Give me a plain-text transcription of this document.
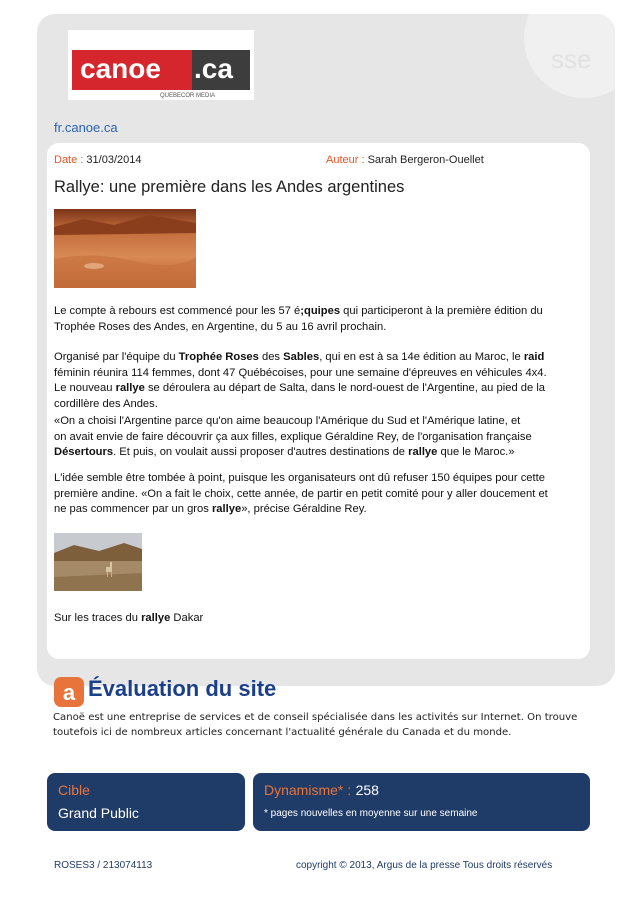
sse
canoe .ca
QUEBECOR MEDIA
fr.canoe.ca
Date : 31/03/2014	Auteur : Sarah Bergeron-Ouellet
Rallye: une première dans les Andes argentines

Le compte à rebours est commencé pour les 57 é;quipes qui participeront à la première édition du
Trophée Roses des Andes, en Argentine, du 5 au 16 avril prochain.

Organisé par l'équipe du Trophée Roses des Sables, qui en est à sa 14e édition au Maroc, le raid
féminin réunira 114 femmes, dont 47 Québécoises, pour une semaine d'épreuves en véhicules 4x4.
Le nouveau rallye se déroulera au départ de Salta, dans le nord-ouest de l'Argentine, au pied de la
cordillère des Andes.

«On a choisi l'Argentine parce qu'on aime beaucoup l'Amérique du Sud et l'Amérique latine, et
on avait envie de faire découvrir ça aux filles, explique Géraldine Rey, de l'organisation française
Désertours. Et puis, on voulait aussi proposer d'autres destinations de rallye que le Maroc.»

L'idée semble être tombée à point, puisque les organisateurs ont dû refuser 150 équipes pour cette
première andine. «On a fait le choix, cette année, de partir en petit comité pour y aller doucement et
ne pas commencer par un gros rallye», précise Géraldine Rey.

Sur les traces du rallye Dakar

a Évaluation du site
Canoë est une entreprise de services et de conseil spécialisée dans les activités sur Internet. On trouve toutefois ici de nombreux articles concernant l'actualité générale du Canada et du monde.
Cible
Grand Public
Dynamisme* : 258
* pages nouvelles en moyenne sur une semaine
ROSES3 / 213074113	copyright © 2013, Argus de la presse Tous droits réservés
